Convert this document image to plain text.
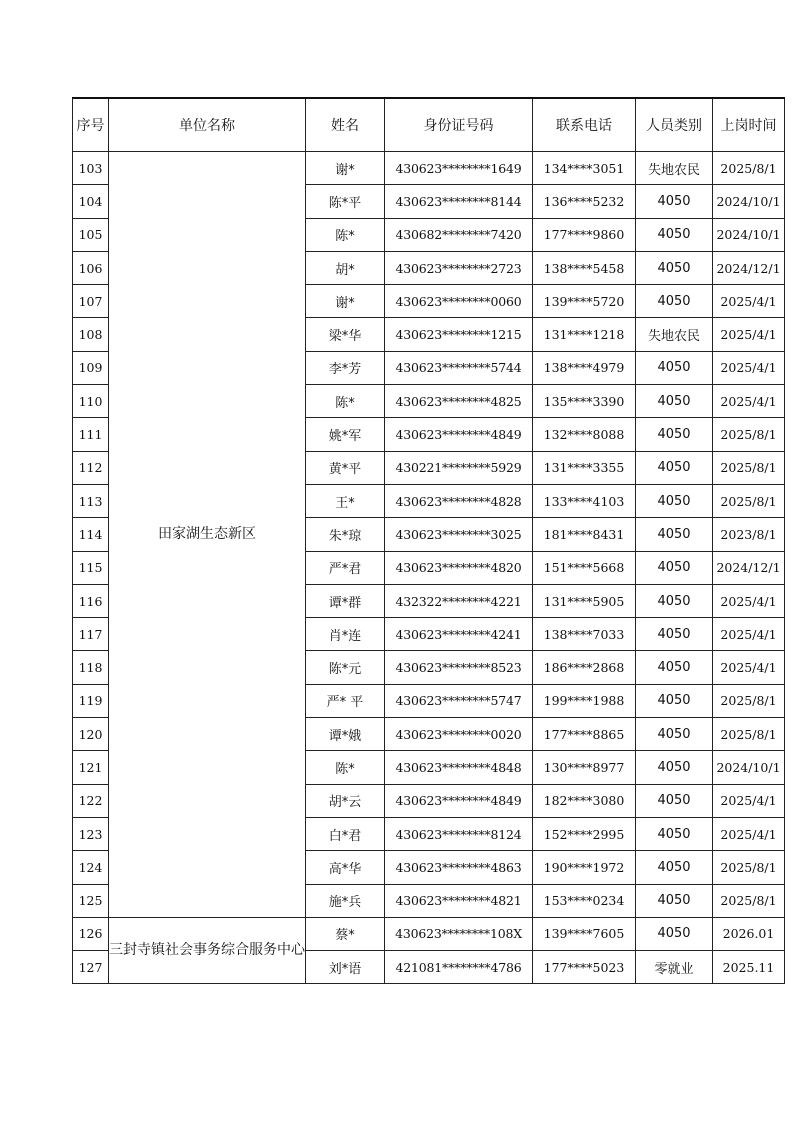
序号	单位名称	姓名	身份证号码	联系电话	人员类别	上岗时间
103	田家湖生态新区	谢*	430623********1649	134****3051	失地农民	2025/8/1
104		陈*平	430623********8144	136****5232	4050	2024/10/1
105		陈*	430682********7420	177****9860	4050	2024/10/1
106		胡*	430623********2723	138****5458	4050	2024/12/1
107		谢*	430623********0060	139****5720	4050	2025/4/1
108		梁*华	430623********1215	131****1218	失地农民	2025/4/1
109		李*芳	430623********5744	138****4979	4050	2025/4/1
110		陈*	430623********4825	135****3390	4050	2025/4/1
111		姚*军	430623********4849	132****8088	4050	2025/8/1
112		黄*平	430221********5929	131****3355	4050	2025/8/1
113		王*	430623********4828	133****4103	4050	2025/8/1
114		朱*琼	430623********3025	181****8431	4050	2023/8/1
115		严*君	430623********4820	151****5668	4050	2024/12/1
116		谭*群	432322********4221	131****5905	4050	2025/4/1
117		肖*连	430623********4241	138****7033	4050	2025/4/1
118		陈*元	430623********8523	186****2868	4050	2025/4/1
119		严* 平	430623********5747	199****1988	4050	2025/8/1
120		谭*娥	430623********0020	177****8865	4050	2025/8/1
121		陈*	430623********4848	130****8977	4050	2024/10/1
122		胡*云	430623********4849	182****3080	4050	2025/4/1
123		白*君	430623********8124	152****2995	4050	2025/4/1
124		高*华	430623********4863	190****1972	4050	2025/8/1
125		施*兵	430623********4821	153****0234	4050	2025/8/1
126	三封寺镇社会事务综合服务中心	蔡*	430623********108X	139****7605	4050	2026.01
127		刘*语	421081********4786	177****5023	零就业	2025.11
